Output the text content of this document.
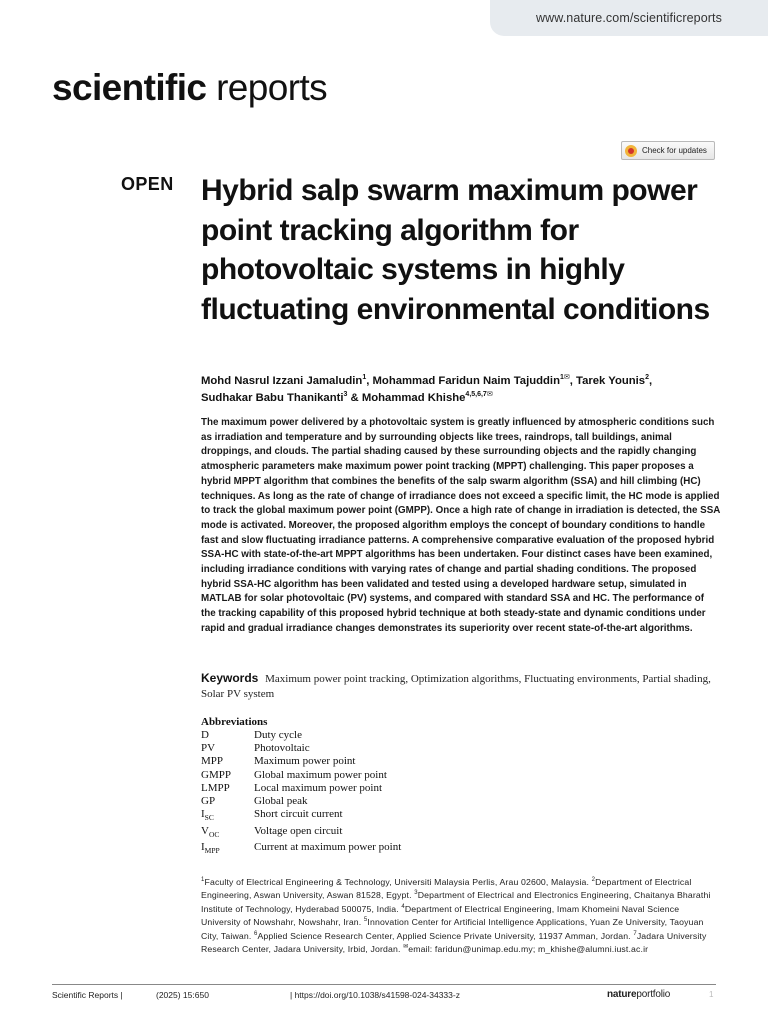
www.nature.com/scientificreports
scientific reports
Check for updates
OPEN Hybrid salp swarm maximum power point tracking algorithm for photovoltaic systems in highly fluctuating environmental conditions
Mohd Nasrul Izzani Jamaludin$^1$, Mohammad Faridun Naim Tajuddin$^{1✉}$, Tarek Younis$^2$,
Sudhakar Babu Thanikanti$^3$ & Mohammad Khishe$^{4,5,6,7✉}$

The maximum power delivered by a photovoltaic system is greatly influenced by atmospheric conditions such as irradiation and temperature and by surrounding objects like trees, raindrops, tall buildings, animal droppings, and clouds. The partial shading caused by these surrounding objects and the rapidly changing atmospheric parameters make maximum power point tracking (MPPT) challenging. This paper proposes a hybrid MPPT algorithm that combines the benefits of the salp swarm algorithm (SSA) and hill climbing (HC) techniques. As long as the rate of change of irradiance does not exceed a specific limit, the HC mode is applied to track the global maximum power point (GMPP). Once a high rate of change in irradiation is detected, the SSA mode is activated. Moreover, the proposed algorithm employs the concept of boundary conditions to handle fast and slow fluctuating irradiance patterns. A comprehensive comparative evaluation of the proposed hybrid SSA-HC with state-of-the-art MPPT algorithms has been undertaken. Four distinct cases have been examined, including irradiance conditions with varying rates of change and partial shading conditions. The proposed hybrid SSA-HC algorithm has been validated and tested using a developed hardware setup, simulated in MATLAB for solar photovoltaic (PV) systems, and compared with standard SSA and HC. The performance of the tracking capability of this proposed hybrid technique at both steady-state and dynamic conditions under rapid and gradual irradiance changes demonstrates its superiority over recent state-of-the-art algorithms.

Keywords Maximum power point tracking, Optimization algorithms, Fluctuating environments, Partial shading, Solar PV system
Abbreviations
D	Duty cycle
PV	Photovoltaic
MPP	Maximum power point
GMPP	Global maximum power point
LMPP	Local maximum power point
GP	Global peak
$I_{SC}$	Short circuit current
$V_{OC}$	Voltage open circuit
$I_{MPP}$	Current at maximum power point

$^1$Faculty of Electrical Engineering & Technology, Universiti Malaysia Perlis, Arau 02600, Malaysia. $^2$Department of Electrical Engineering, Aswan University, Aswan 81528, Egypt. $^3$Department of Electrical and Electronics Engineering, Chaitanya Bharathi Institute of Technology, Hyderabad 500075, India. $^4$Department of Electrical Engineering, Imam Khomeini Naval Science University of Nowshahr, Nowshahr, Iran. $^5$Innovation Center for Artificial Intelligence Applications, Yuan Ze University, Taoyuan City, Taiwan. $^6$Applied Science Research Center, Applied Science Private University, 11937 Amman, Jordan. $^7$Jadara University Research Center, Jadara University, Irbid, Jordan. ✉email: faridun@unimap.edu.my; m_khishe@alumni.iust.ac.ir

Scientific Reports |	(2025) 15:650	| https://doi.org/10.1038/s41598-024-34333-z	natureportfolio	1
